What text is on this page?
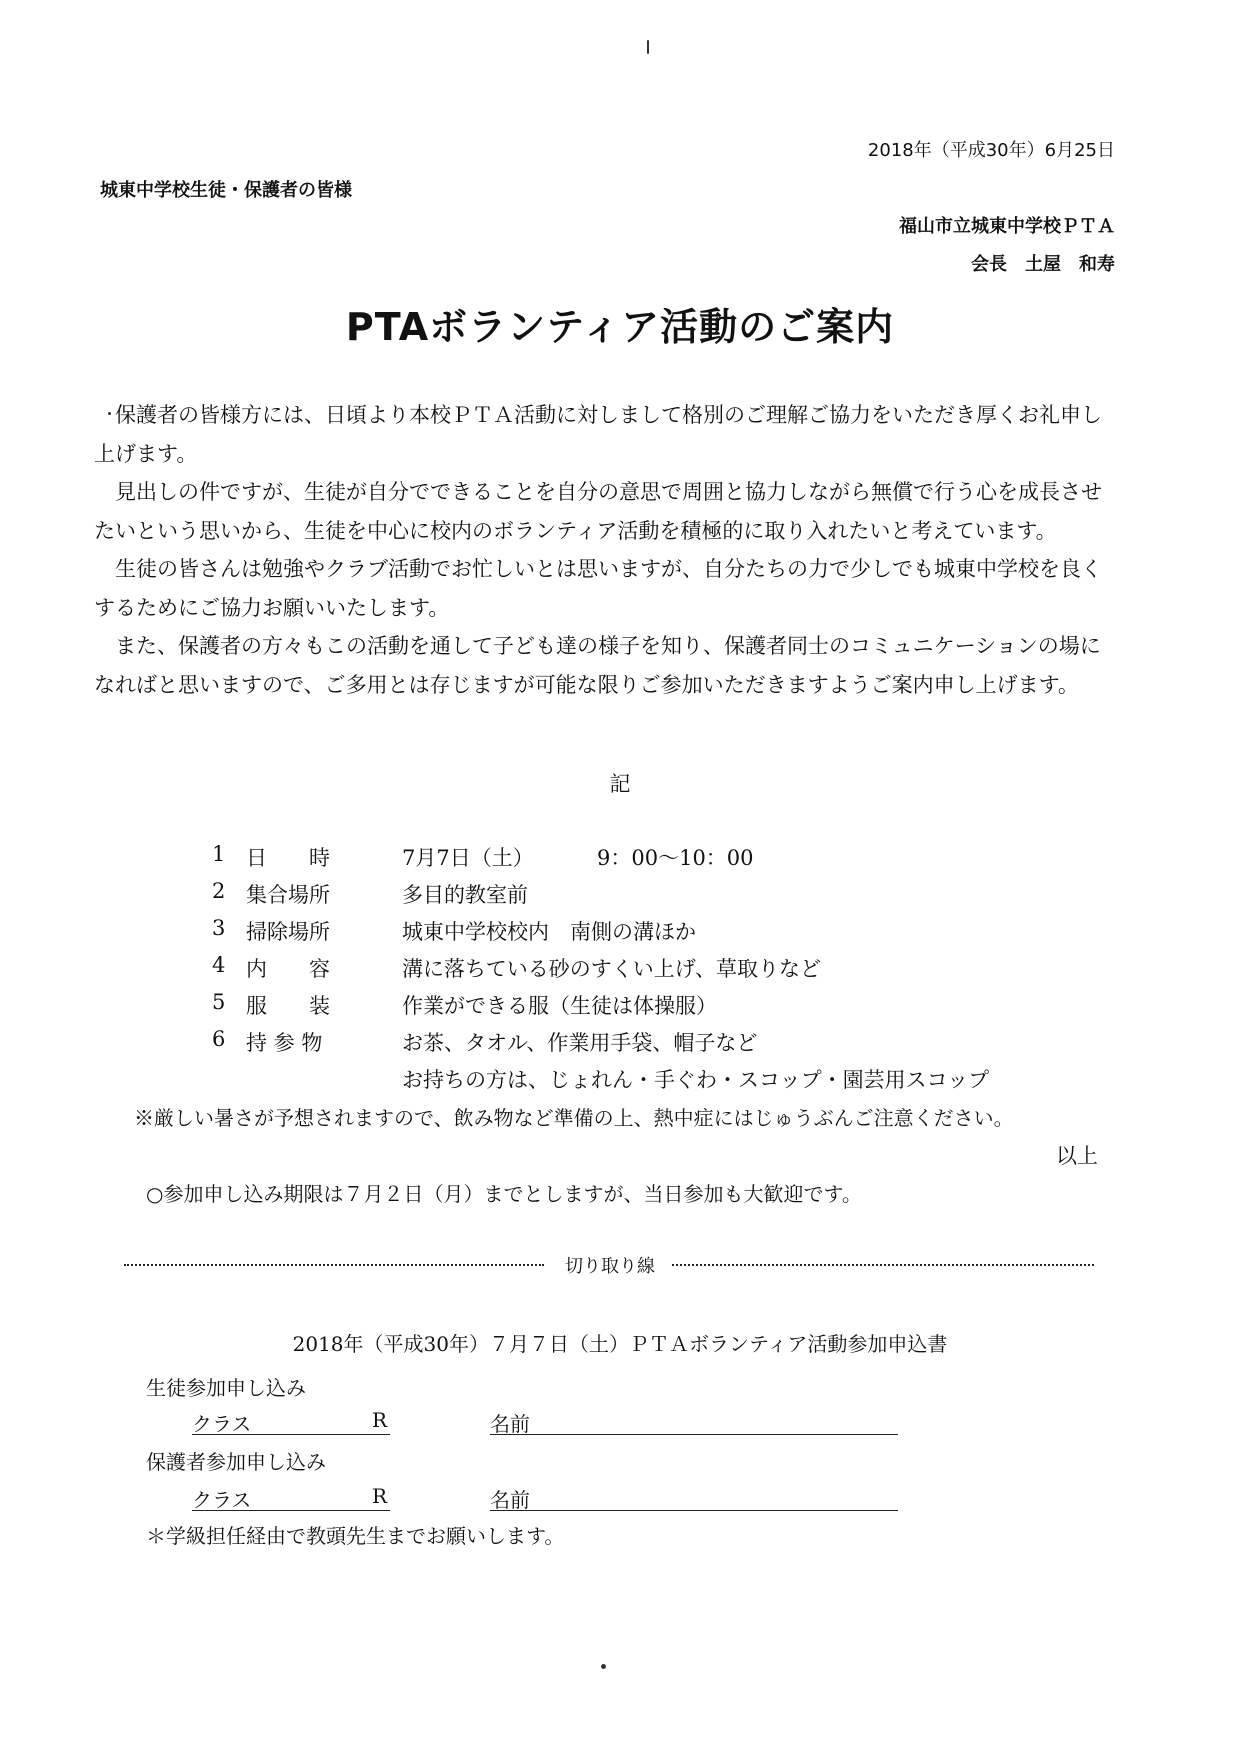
2018年（平成30年）6月25日
城東中学校生徒・保護者の皆様
福山市立城東中学校ＰＴＡ
会長　土屋　和寿
PTAボランティア活動のご案内

保護者の皆様方には、日頃より本校ＰＴＡ活動に対しまして格別のご理解ご協力をいただき厚くお礼申し上げます。

見出しの件ですが、生徒が自分でできることを自分の意思で周囲と協力しながら無償で行う心を成長させたいという思いから、生徒を中心に校内のボランティア活動を積極的に取り入れたいと考えています。

生徒の皆さんは勉強やクラブ活動でお忙しいとは思いますが、自分たちの力で少しでも城東中学校を良くするためにご協力お願いいたします。

また、保護者の方々もこの活動を通して子ども達の様子を知り、保護者同士のコミュニケーションの場になればと思いますので、ご多用とは存じますが可能な限りご参加いただきますようご案内申し上げます。

記
1 日　　時	7月7日（土）	9：00〜10：00
2 集合場所	多目的教室前
3 掃除場所	城東中学校校内　南側の溝ほか
4 内　　容	溝に落ちている砂のすくい上げ、草取りなど
5 服　　装	作業ができる服（生徒は体操服）
6 持 参 物	お茶、タオル、作業用手袋、帽子など
お持ちの方は、じょれん・手ぐわ・スコップ・園芸用スコップ
※厳しい暑さが予想されますので、飲み物など準備の上、熱中症にはじゅうぶんご注意ください。
以上
○参加申し込み期限は７月２日（月）までとしますが、当日参加も大歓迎です。
切り取り線
2018年（平成30年）７月７日（土）ＰＴＡボランティア活動参加申込書
生徒参加申し込み
クラス	R	名前
保護者参加申し込み
クラス	R	名前
＊学級担任経由で教頭先生までお願いします。
